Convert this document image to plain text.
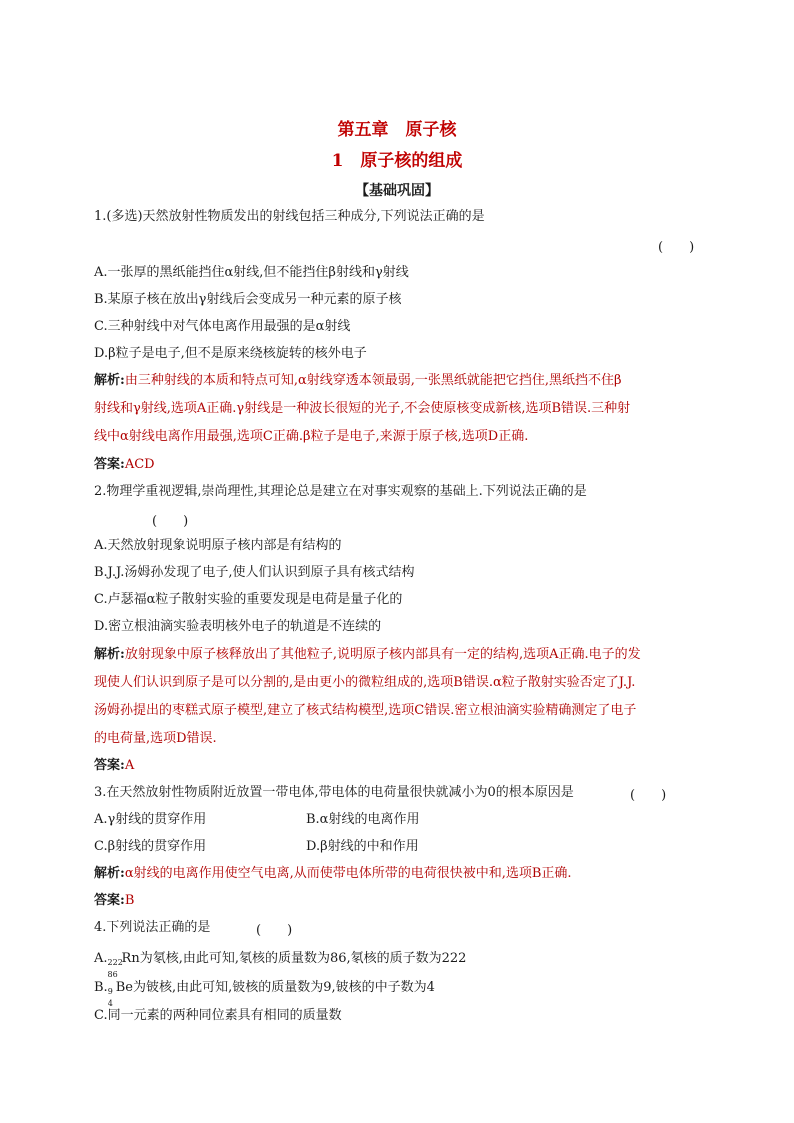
第五章　原子核
1　原子核的组成
【基础巩固】
1.(多选)天然放射性物质发出的射线包括三种成分,下列说法正确的是
(　　)
A.一张厚的黑纸能挡住α射线,但不能挡住β射线和γ射线
B.某原子核在放出γ射线后会变成另一种元素的原子核
C.三种射线中对气体电离作用最强的是α射线
D.β粒子是电子,但不是原来绕核旋转的核外电子
解析:由三种射线的本质和特点可知,α射线穿透本领最弱,一张黑纸就能把它挡住,黑纸挡不住β
射线和γ射线,选项A正确.γ射线是一种波长很短的光子,不会使原核变成新核,选项B错误.三种射
线中α射线电离作用最强,选项C正确.β粒子是电子,来源于原子核,选项D正确.
答案:ACD
2.物理学重视逻辑,崇尚理性,其理论总是建立在对事实观察的基础上.下列说法正确的是
(　　)
A.天然放射现象说明原子核内部是有结构的
B.J.J.汤姆孙发现了电子,使人们认识到原子具有核式结构
C.卢瑟福α粒子散射实验的重要发现是电荷是量子化的
D.密立根油滴实验表明核外电子的轨道是不连续的
解析:放射现象中原子核释放出了其他粒子,说明原子核内部具有一定的结构,选项A正确.电子的发
现使人们认识到原子是可以分割的,是由更小的微粒组成的,选项B错误.α粒子散射实验否定了J.J.
汤姆孙提出的枣糕式原子模型,建立了核式结构模型,选项C错误.密立根油滴实验精确测定了电子
的电荷量,选项D错误.
答案:A
3.在天然放射性物质附近放置一带电体,带电体的电荷量很快就减小为0的根本原因是	(　　)
A.γ射线的贯穿作用	B.α射线的电离作用
C.β射线的贯穿作用	D.β射线的中和作用
解析:α射线的电离作用使空气电离,从而使带电体所带的电荷很快被中和,选项B正确.
答案:B
4.下列说法正确的是	(　　)
A. 222
86
Rn为氡核,由此可知,氡核的质量数为86,氡核的质子数为222
B. 9
4
Be为铍核,由此可知,铍核的质量数为9,铍核的中子数为4
C.同一元素的两种同位素具有相同的质量数
